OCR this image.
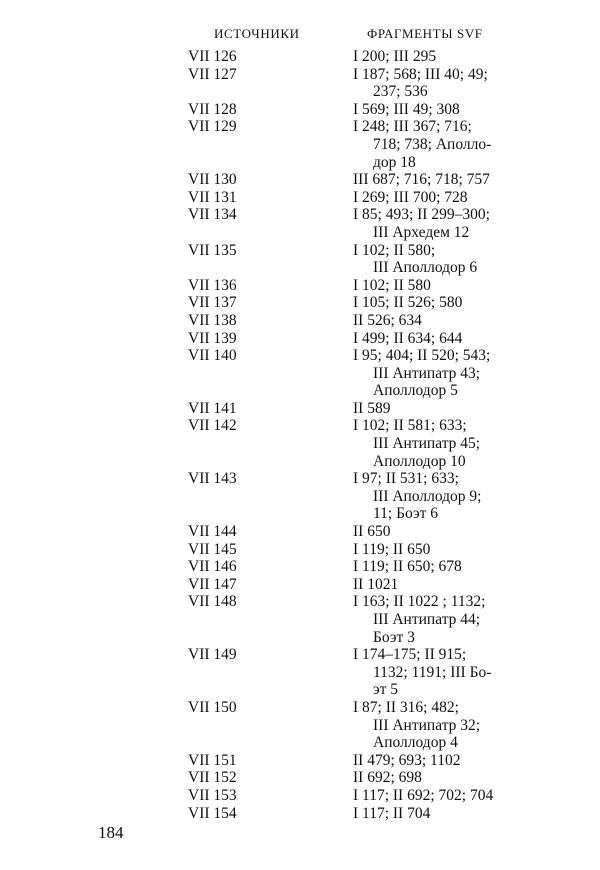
ИСТОЧНИКИ	ФРАГМЕНТЫ SVF
VII 126	I 200; III 295
VII 127	I 187; 568; III 40; 49;
237; 536
VII 128	I 569; III 49; 308
VII 129	I 248; III 367; 716;
718; 738; Аполло-
дор 18
VII 130	III 687; 716; 718; 757
VII 131	I 269; III 700; 728
VII 134	I 85; 493; II 299–300;
III Архедем 12
VII 135	I 102; II 580;
III Аполлодор 6
VII 136	I 102; II 580
VII 137	I 105; II 526; 580
VII 138	II 526; 634
VII 139	I 499; II 634; 644
VII 140	I 95; 404; II 520; 543;
III Антипатр 43;
Аполлодор 5
VII 141	II 589
VII 142	I 102; II 581; 633;
III Антипатр 45;
Аполлодор 10
VII 143	I 97; II 531; 633;
III Аполлодор 9;
11; Боэт 6
VII 144	II 650
VII 145	I 119; II 650
VII 146	I 119; II 650; 678
VII 147	II 1021
VII 148	I 163; II 1022 ; 1132;
III Антипатр 44;
Боэт 3
VII 149	I 174–175; II 915;
1132; 1191; III Бо-
эт 5
VII 150	I 87; II 316; 482;
III Антипатр 32;
Аполлодор 4
VII 151	II 479; 693; 1102
VII 152	II 692; 698
VII 153	I 117; II 692; 702; 704
VII 154	I 117; II 704
184
